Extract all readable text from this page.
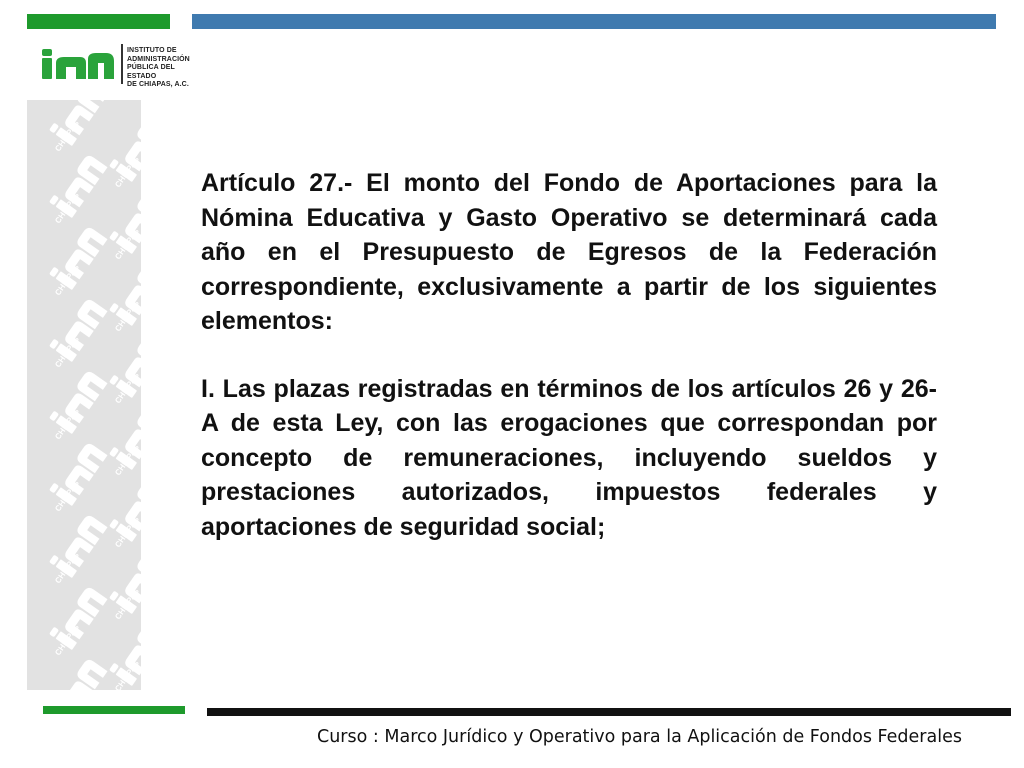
INSTITUTO DE
ADMINISTRACIÓN
PÚBLICA DEL ESTADO
DE CHIAPAS, A.C.
CHIAPAS
CHIAPAS
CHIAPAS
CHIAPAS
CHIAPAS
CHIAPAS
CHIAPAS
CHIAPAS
CHIAPAS
CHIAPAS
CHIAPAS
CHIAPAS
CHIAPAS
CHIAPAS
CHIAPAS
CHIAPAS
CHIAPAS

Artículo 27.- El monto del Fondo de Aportaciones para la Nómina Educativa y Gasto Operativo se determinará cada año en el Presupuesto de Egresos de la Federación correspondiente, exclusivamente a partir de los siguientes elementos:

I. Las plazas registradas en términos de los artículos 26 y 26-A de esta Ley, con las erogaciones que correspondan por concepto de remuneraciones, incluyendo sueldos y prestaciones autorizados, impuestos federales y aportaciones de seguridad social;

Curso : Marco Jurídico y Operativo para la Aplicación de Fondos Federales
